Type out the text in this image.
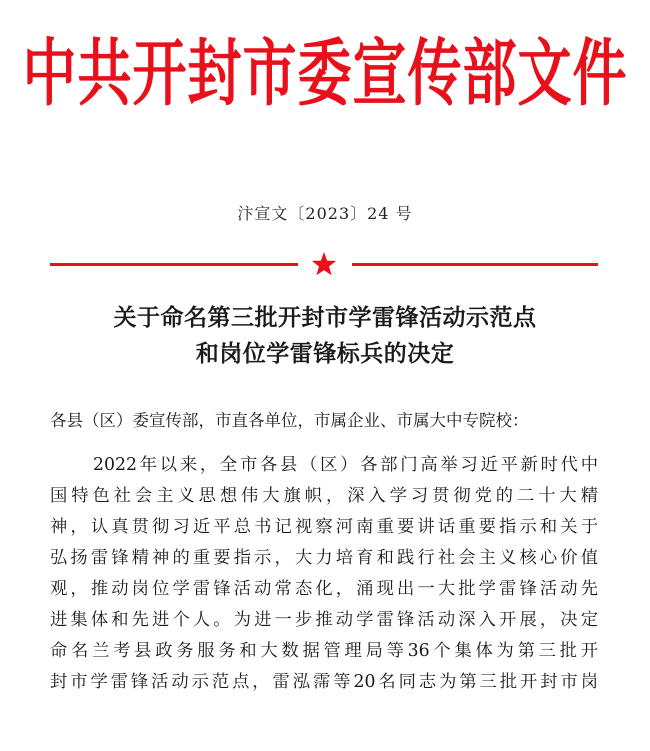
中共开封市委宣传部文件
汴宣文〔2023〕24 号
关于命名第三批开封市学雷锋活动示范点
和岗位学雷锋标兵的决定
各县（区）委宣传部，市直各单位，市属企业、市属大中专院校：
2022年以来，全市各县（区）各部门高举习近平新时代中
国特色社会主义思想伟大旗帜，深入学习贯彻党的二十大精
神，认真贯彻习近平总书记视察河南重要讲话重要指示和关于
弘扬雷锋精神的重要指示，大力培育和践行社会主义核心价值
观，推动岗位学雷锋活动常态化，涌现出一大批学雷锋活动先
进集体和先进个人。为进一步推动学雷锋活动深入开展，决定
命名兰考县政务服务和大数据管理局等36个集体为第三批开
封市学雷锋活动示范点，雷泓霈等20名同志为第三批开封市岗
